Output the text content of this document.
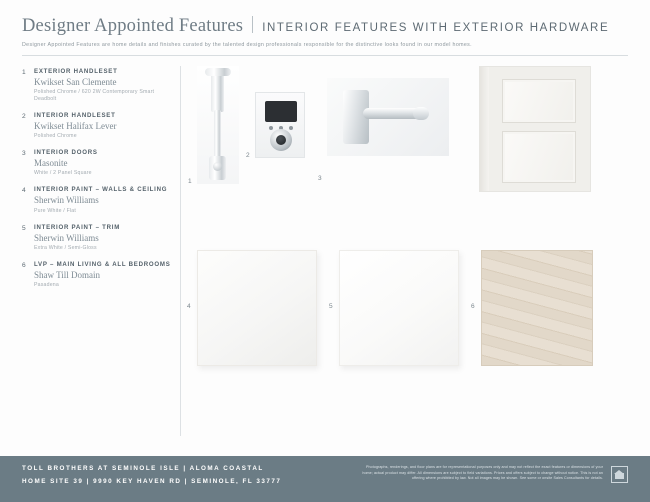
Designer Appointed Features INTERIOR FEATURES WITH EXTERIOR HARDWARE
Designer Appointed Features are home details and finishes curated by the talented design professionals responsible for the distinctive looks found in our model homes.
1	EXTERIOR HANDLESET
Kwikset San Clemente
Polished Chrome / 620 2W Contemporary Smart Deadbolt
2	INTERIOR HANDLESET
Kwikset Halifax Lever
Polished Chrome
3	INTERIOR DOORS
Masonite
White / 2 Panel Square
4	INTERIOR PAINT – WALLS & CEILING
Sherwin Williams
Pure White / Flat
5	INTERIOR PAINT – TRIM
Sherwin Williams
Extra White / Semi-Gloss
6	LVP – MAIN LIVING & ALL BEDROOMS
Shaw Till Domain
Pasadena
1
2
3
4	5	6
TOLL BROTHERS AT SEMINOLE ISLE | ALOMA COASTAL
HOME SITE 39 | 9990 KEY HAVEN RD | SEMINOLE, FL 33777
Photographs, renderings, and floor plans are for representational purposes only and may not reflect the exact features or dimensions of your home; actual product may differ. All dimensions are subject to field variations. Prices and offers subject to change without notice. This is not an offering where prohibited by law. Not all images may be shown. See some or onsite Sales Consultants for details.
